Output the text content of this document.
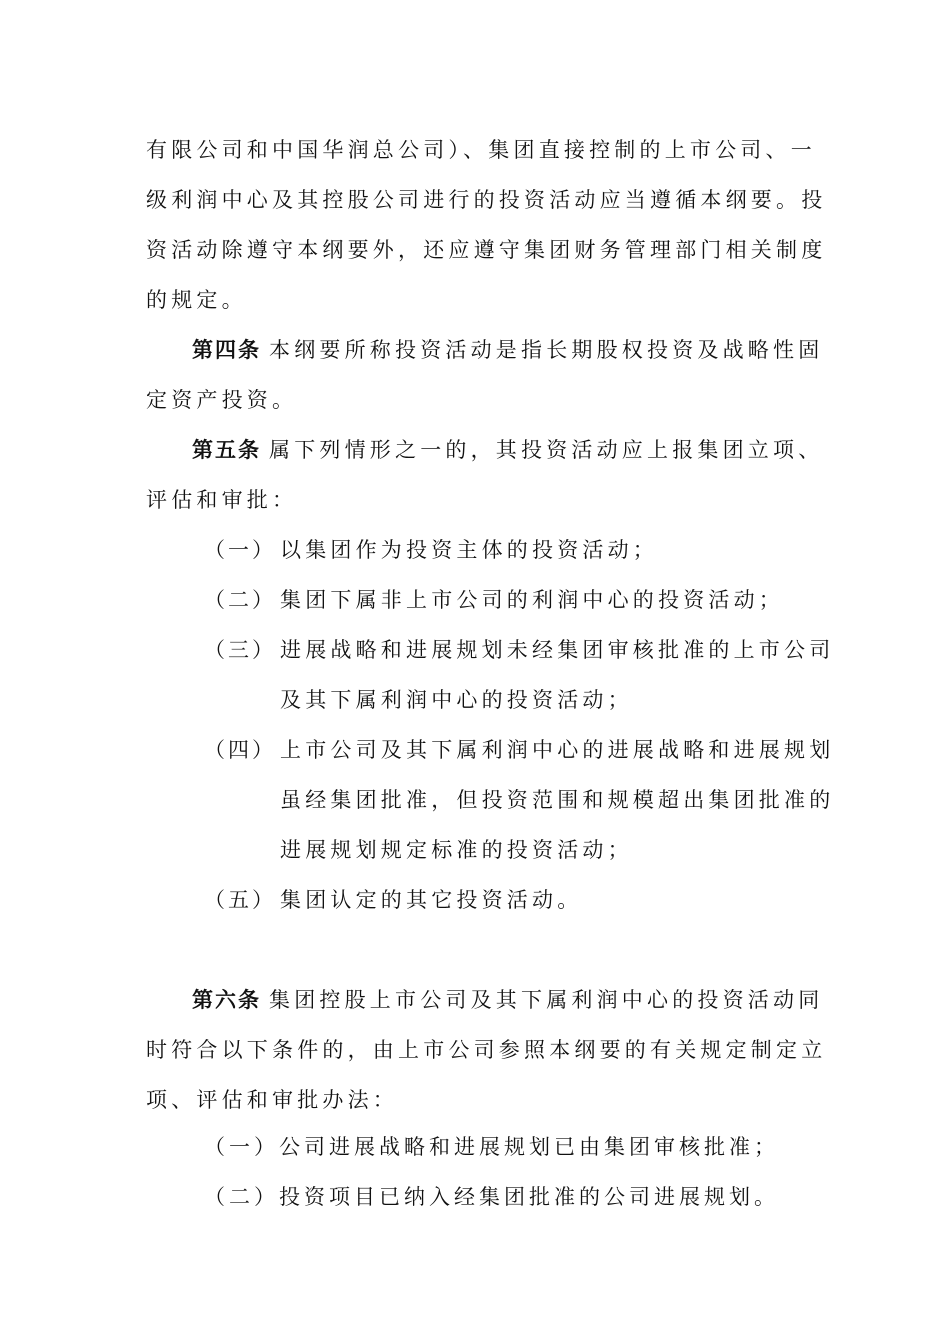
有限公司和中国华润总公司）、集团直接控制的上市公司、一
级利润中心及其控股公司进行的投资活动应当遵循本纲要。投
资活动除遵守本纲要外，还应遵守集团财务管理部门相关制度
的规定。
第四条 本纲要所称投资活动是指长期股权投资及战略性固
定资产投资。
第五条 属下列情形之一的，其投资活动应上报集团立项、
评估和审批：
（一） 以集团作为投资主体的投资活动；
（二） 集团下属非上市公司的利润中心的投资活动；
（三） 进展战略和进展规划未经集团审核批准的上市公司
及其下属利润中心的投资活动；
（四） 上市公司及其下属利润中心的进展战略和进展规划
虽经集团批准，但投资范围和规模超出集团批准的
进展规划规定标准的投资活动；
（五） 集团认定的其它投资活动。
第六条 集团控股上市公司及其下属利润中心的投资活动同
时符合以下条件的，由上市公司参照本纲要的有关规定制定立
项、评估和审批办法：
（一）公司进展战略和进展规划已由集团审核批准；
（二）投资项目已纳入经集团批准的公司进展规划。
